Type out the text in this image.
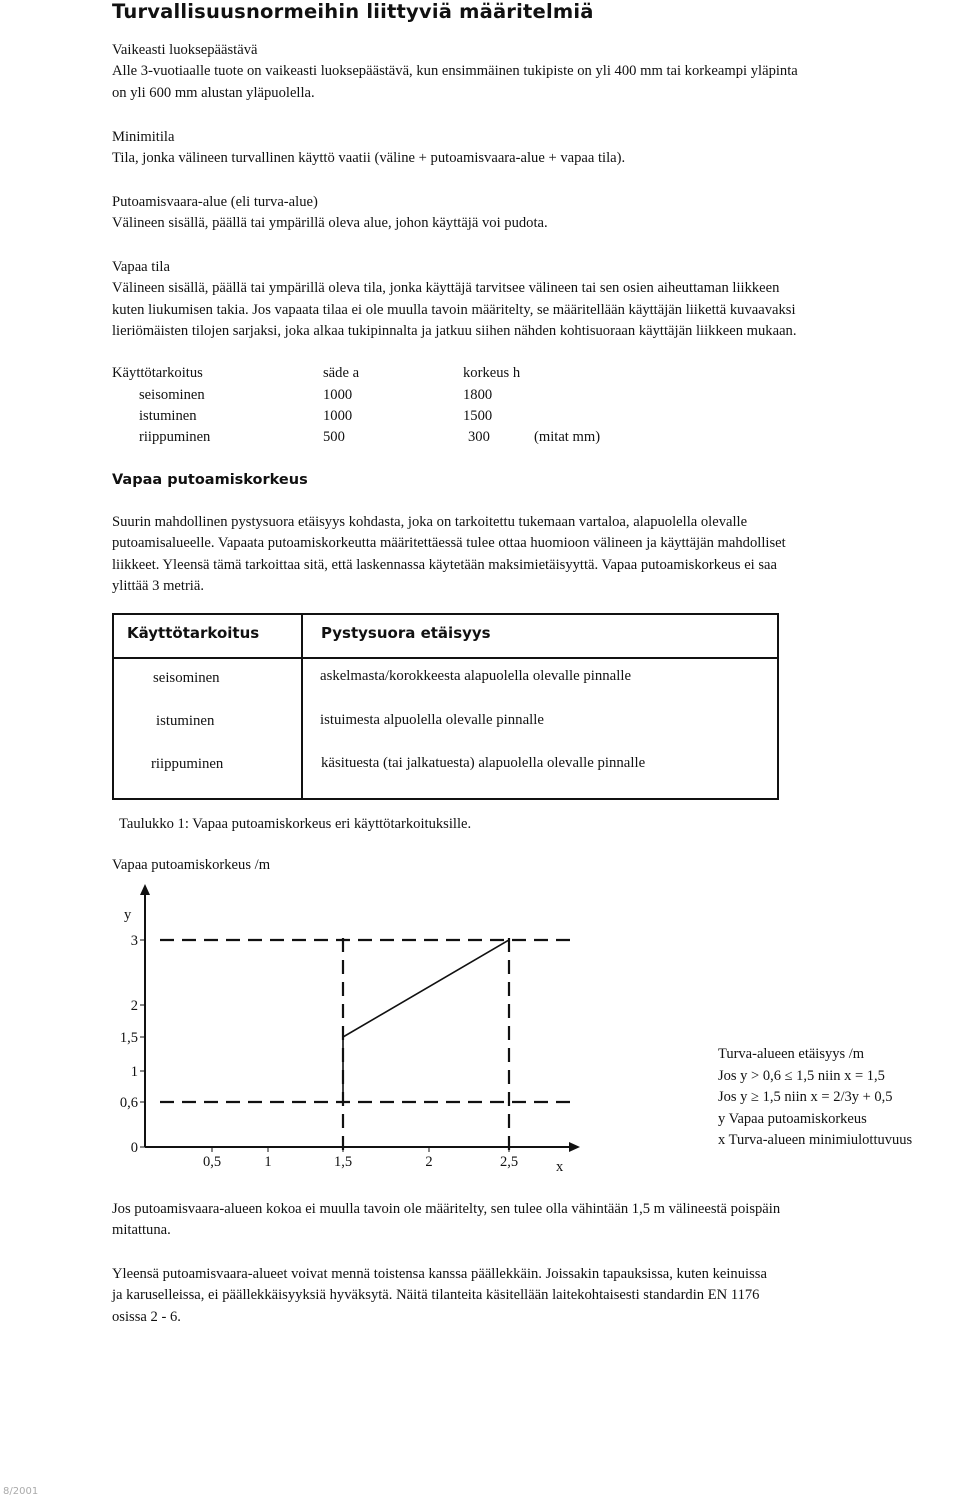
Turvallisuusnormeihin liittyviä määritelmiä
Vaikeasti luoksepäästävä
Alle 3-vuotiaalle tuote on vaikeasti luoksepäästävä, kun ensimmäinen tukipiste on yli 400 mm tai korkeampi yläpinta
on yli 600 mm alustan yläpuolella.
Minimitila
Tila, jonka välineen turvallinen käyttö vaatii (väline + putoamisvaara-alue + vapaa tila).
Putoamisvaara-alue (eli turva-alue)
Välineen sisällä, päällä tai ympärillä oleva alue, johon käyttäjä voi pudota.
Vapaa tila
Välineen sisällä, päällä tai ympärillä oleva tila, jonka käyttäjä tarvitsee välineen tai sen osien aiheuttaman liikkeen
kuten liukumisen takia. Jos vapaata tilaa ei ole muulla tavoin määritelty, se määritellään käyttäjän liikettä kuvaavaksi
lieriömäisten tilojen sarjaksi, joka alkaa tukipinnalta ja jatkuu siihen nähden kohtisuoraan käyttäjän liikkeen mukaan.
Käyttötarkoitus	säde a	korkeus h
seisominen	1000	1800
istuminen	1000	1500
riippuminen	500	300	(mitat mm)
Vapaa putoamiskorkeus
Suurin mahdollinen pystysuora etäisyys kohdasta, joka on tarkoitettu tukemaan vartaloa, alapuolella olevalle
putoamisalueelle. Vapaata putoamiskorkeutta määritettäessä tulee ottaa huomioon välineen ja käyttäjän mahdolliset
liikkeet. Yleensä tämä tarkoittaa sitä, että laskennassa käytetään maksimietäisyyttä. Vapaa putoamiskorkeus ei saa
ylittää 3 metriä.
Käyttötarkoitus	Pystysuora etäisyys
seisominen	askelmasta/korokkeesta alapuolella olevalle pinnalle
istuminen	istuimesta alpuolella olevalle pinnalle
riippuminen	käsituesta (tai jalkatuesta) alapuolella olevalle pinnalle
Taulukko 1: Vapaa putoamiskorkeus eri käyttötarkoituksille.
Vapaa putoamiskorkeus /m
0
0,6
1
1,5
2
3
0,5	1	1,5	2	2,5
y
x
Turva-alueen etäisyys /m
Jos y > 0,6 ≤ 1,5 niin x = 1,5
Jos y ≥ 1,5 niin x = 2/3y + 0,5
y Vapaa putoamiskorkeus
x Turva-alueen minimiulottuvuus
Jos putoamisvaara-alueen kokoa ei muulla tavoin ole määritelty, sen tulee olla vähintään 1,5 m välineestä poispäin
mitattuna.
Yleensä putoamisvaara-alueet voivat mennä toistensa kanssa päällekkäin. Joissakin tapauksissa, kuten keinuissa
ja karuselleissa, ei päällekkäisyyksiä hyväksytä. Näitä tilanteita käsitellään laitekohtaisesti standardin EN 1176
osissa 2 - 6.
8/2001
